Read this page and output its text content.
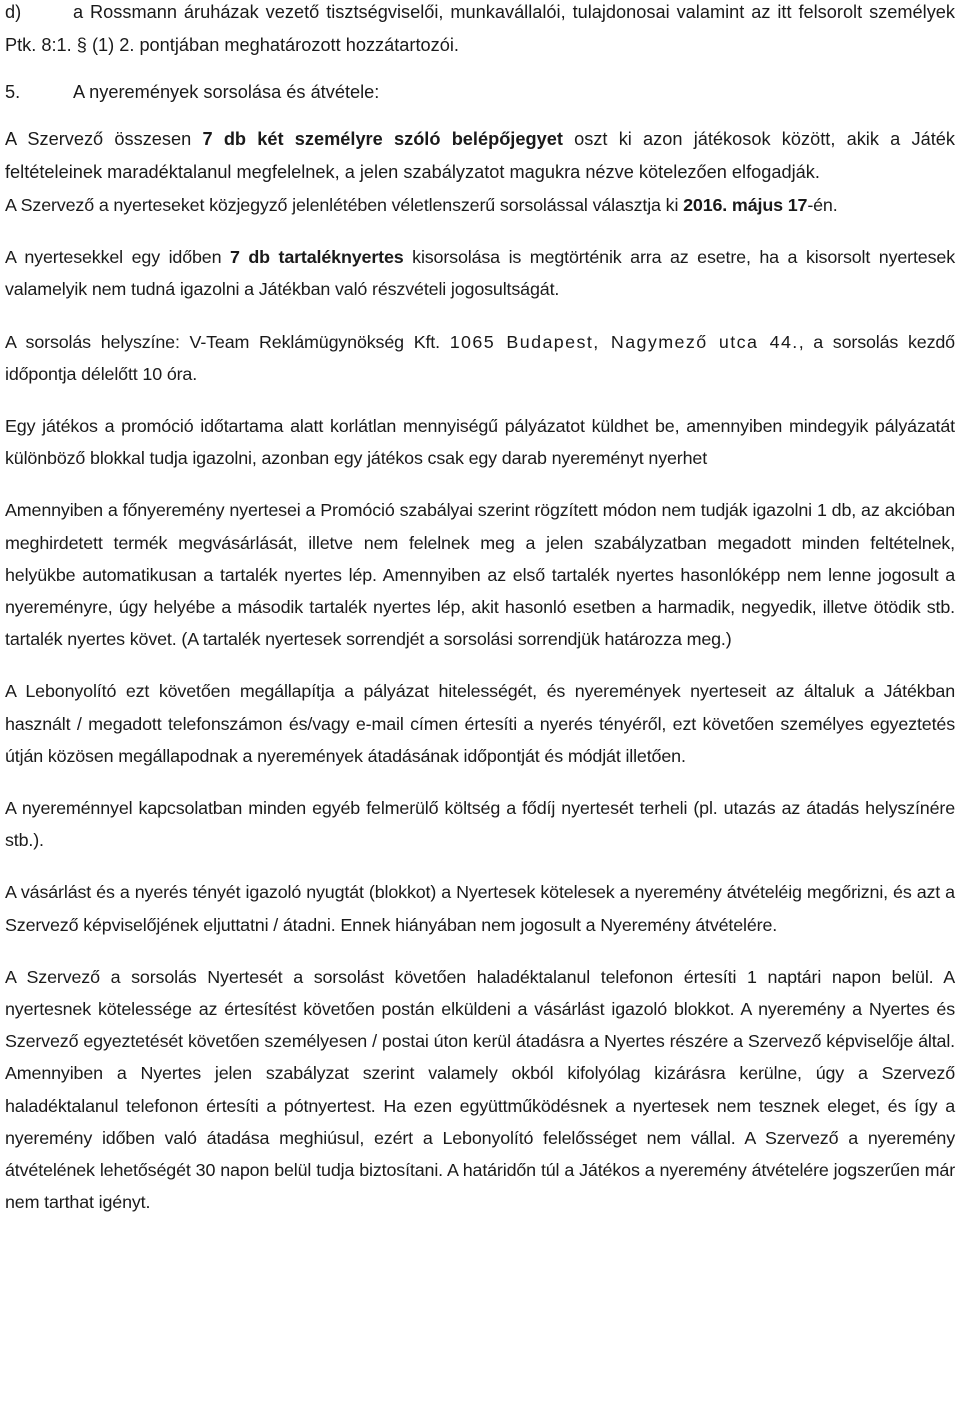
d)	a Rossmann áruházak vezető tisztségviselői, munkavállalói, tulajdonosai valamint az itt felsorolt személyek Ptk. 8:1. § (1) 2. pontjában meghatározott hozzátartozói.

5.	A nyeremények sorsolása és átvétele:

A Szervező összesen 7 db két személyre szóló belépőjegyet oszt ki azon játékosok között, akik a Játék feltételeinek maradéktalanul megfelelnek, a jelen szabályzatot magukra nézve kötelezően elfogadják.

A Szervező a nyerteseket közjegyző jelenlétében véletlenszerű sorsolással választja ki 2016. május 17-én.

A nyertesekkel egy időben 7 db tartaléknyertes kisorsolása is megtörténik arra az esetre, ha a kisorsolt nyertesek valamelyik nem tudná igazolni a Játékban való részvételi jogosultságát.

A sorsolás helyszíne: V-Team Reklámügynökség Kft. 1065 Budapest, Nagymező utca 44., a sorsolás kezdő időpontja délelőtt 10 óra.

Egy játékos a promóció időtartama alatt korlátlan mennyiségű pályázatot küldhet be, amennyiben mindegyik pályázatát különböző blokkal tudja igazolni, azonban egy játékos csak egy darab nyereményt nyerhet

Amennyiben a főnyeremény nyertesei a Promóció szabályai szerint rögzített módon nem tudják igazolni 1 db, az akcióban meghirdetett termék megvásárlását, illetve nem felelnek meg a jelen szabályzatban megadott minden feltételnek, helyükbe automatikusan a tartalék nyertes lép. Amennyiben az első tartalék nyertes hasonlóképp nem lenne jogosult a nyereményre, úgy helyébe a második tartalék nyertes lép, akit hasonló esetben a harmadik, negyedik, illetve ötödik stb. tartalék nyertes követ. (A tartalék nyertesek sorrendjét a sorsolási sorrendjük határozza meg.)

A Lebonyolító ezt követően megállapítja a pályázat hitelességét, és nyeremények nyerteseit az általuk a Játékban használt / megadott telefonszámon és/vagy e-mail címen értesíti a nyerés tényéről, ezt követően személyes egyeztetés útján közösen megállapodnak a nyeremények átadásának időpontját és módját illetően.

A nyereménnyel kapcsolatban minden egyéb felmerülő költség a fődíj nyertesét terheli (pl. utazás az átadás helyszínére stb.).

A vásárlást és a nyerés tényét igazoló nyugtát (blokkot) a Nyertesek kötelesek a nyeremény átvételéig megőrizni, és azt a Szervező képviselőjének eljuttatni / átadni. Ennek hiányában nem jogosult a Nyeremény átvételére.

A Szervező a sorsolás Nyertesét a sorsolást követően haladéktalanul telefonon értesíti 1 naptári napon belül. A nyertesnek kötelessége az értesítést követően postán elküldeni a vásárlást igazoló blokkot. A nyeremény a Nyertes és Szervező egyeztetését követően személyesen / postai úton kerül átadásra a Nyertes részére a Szervező képviselője által. Amennyiben a Nyertes jelen szabályzat szerint valamely okból kifolyólag kizárásra kerülne, úgy a Szervező haladéktalanul telefonon értesíti a pótnyertest. Ha ezen együttműködésnek a nyertesek nem tesznek eleget, és így a nyeremény időben való átadása meghiúsul, ezért a Lebonyolító felelősséget nem vállal. A Szervező a nyeremény átvételének lehetőségét 30 napon belül tudja biztosítani. A határidőn túl a Játékos a nyeremény átvételére jogszerűen már nem tarthat igényt.
